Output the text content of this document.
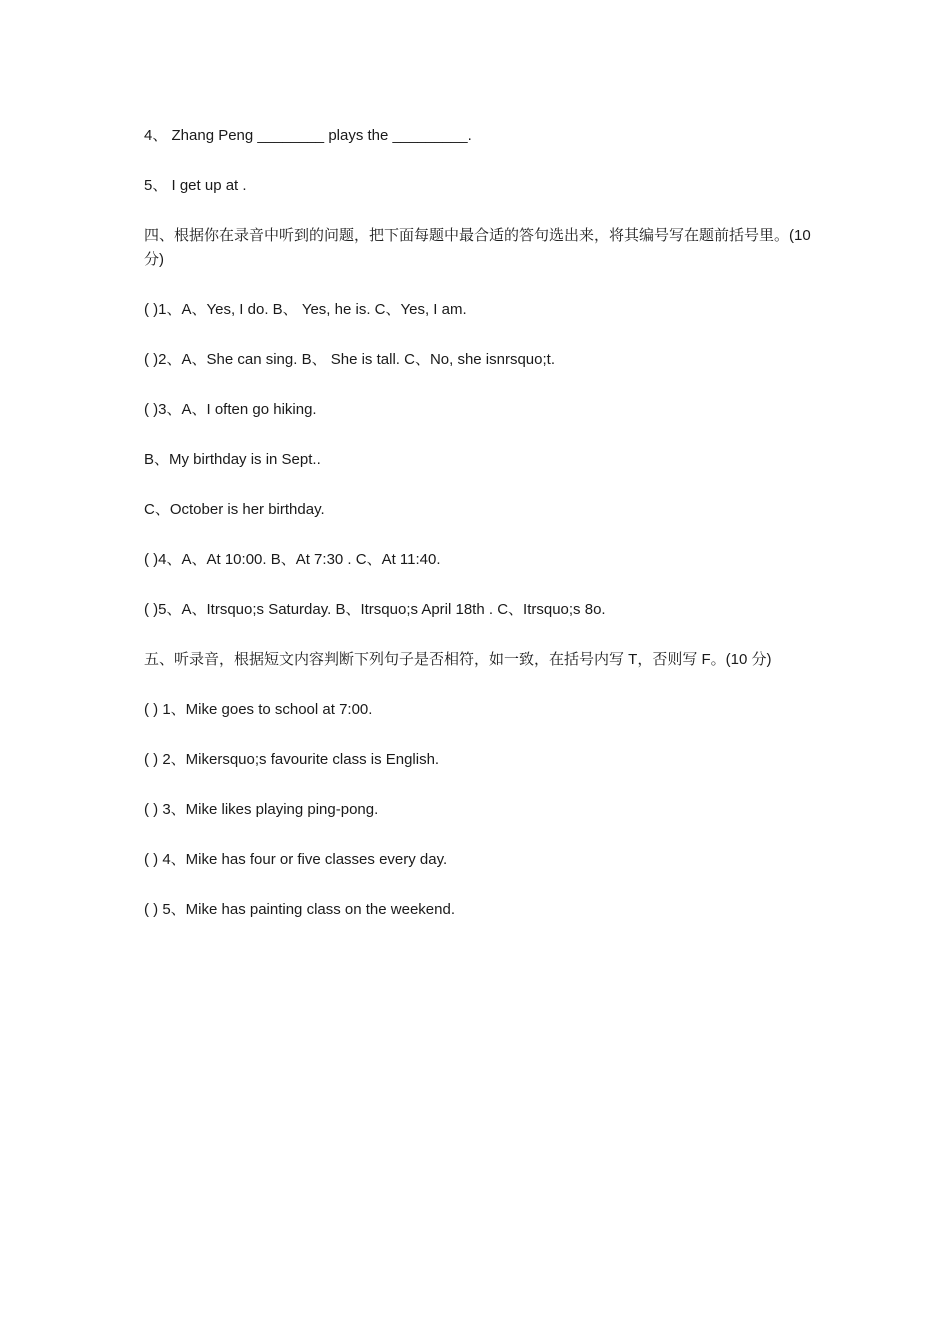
4、 Zhang Peng ________ plays the _________.

5、 I get up at .

四、根据你在录音中听到的问题，把下面每题中最合适的答句选出来，将其编号写在题前括号里。(10 分)

( )1、A、Yes, I do. B、 Yes, he is. C、Yes, I am.

( )2、A、She can sing. B、 She is tall. C、No, she isnrsquo;t.

( )3、A、I often go hiking.

B、My birthday is in Sept..

C、October is her birthday.

( )4、A、At 10:00. B、At 7:30 . C、At 11:40.

( )5、A、Itrsquo;s Saturday. B、Itrsquo;s April 18th . C、Itrsquo;s 8o.

五、听录音，根据短文内容判断下列句子是否相符，如一致，在括号内写 T，否则写 F。(10 分)

( ) 1、Mike goes to school at 7:00.

( ) 2、Mikersquo;s favourite class is English.

( ) 3、Mike likes playing ping-pong.

( ) 4、Mike has four or five classes every day.

( ) 5、Mike has painting class on the weekend.
